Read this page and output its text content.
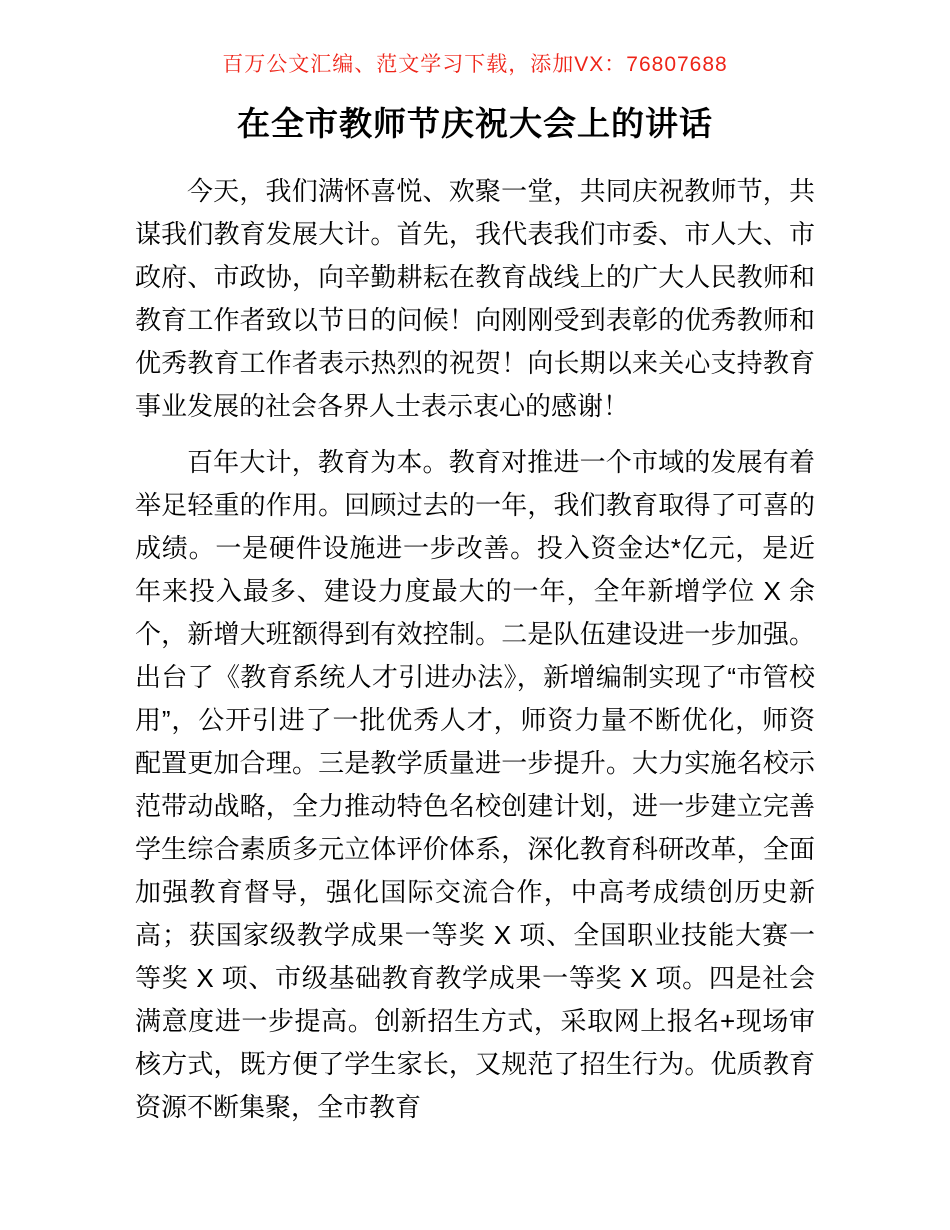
百万公文汇编、范文学习下载，添加VX：76807688

在全市教师节庆祝大会上的讲话

今天，我们满怀喜悦、欢聚一堂，共同庆祝教师节，共谋我们教育发展大计。首先，我代表我们市委、市人大、市政府、市政协，向辛勤耕耘在教育战线上的广大人民教师和教育工作者致以节日的问候！向刚刚受到表彰的优秀教师和优秀教育工作者表示热烈的祝贺！向长期以来关心支持教育事业发展的社会各界人士表示衷心的感谢！

百年大计，教育为本。教育对推进一个市域的发展有着举足轻重的作用。回顾过去的一年，我们教育取得了可喜的成绩。一是硬件设施进一步改善。投入资金达*亿元，是近年来投入最多、建设力度最大的一年，全年新增学位 X 余个，新增大班额得到有效控制。二是队伍建设进一步加强。出台了《教育系统人才引进办法》，新增编制实现了“市管校用”，公开引进了一批优秀人才，师资力量不断优化，师资配置更加合理。三是教学质量进一步提升。大力实施名校示范带动战略，全力推动特色名校创建计划，进一步建立完善学生综合素质多元立体评价体系，深化教育科研改革，全面加强教育督导，强化国际交流合作，中高考成绩创历史新高；获国家级教学成果一等奖 X 项、全国职业技能大赛一等奖 X 项、市级基础教育教学成果一等奖 X 项。四是社会满意度进一步提高。创新招生方式，采取网上报名+现场审核方式，既方便了学生家长，又规范了招生行为。优质教育资源不断集聚，全市教育
